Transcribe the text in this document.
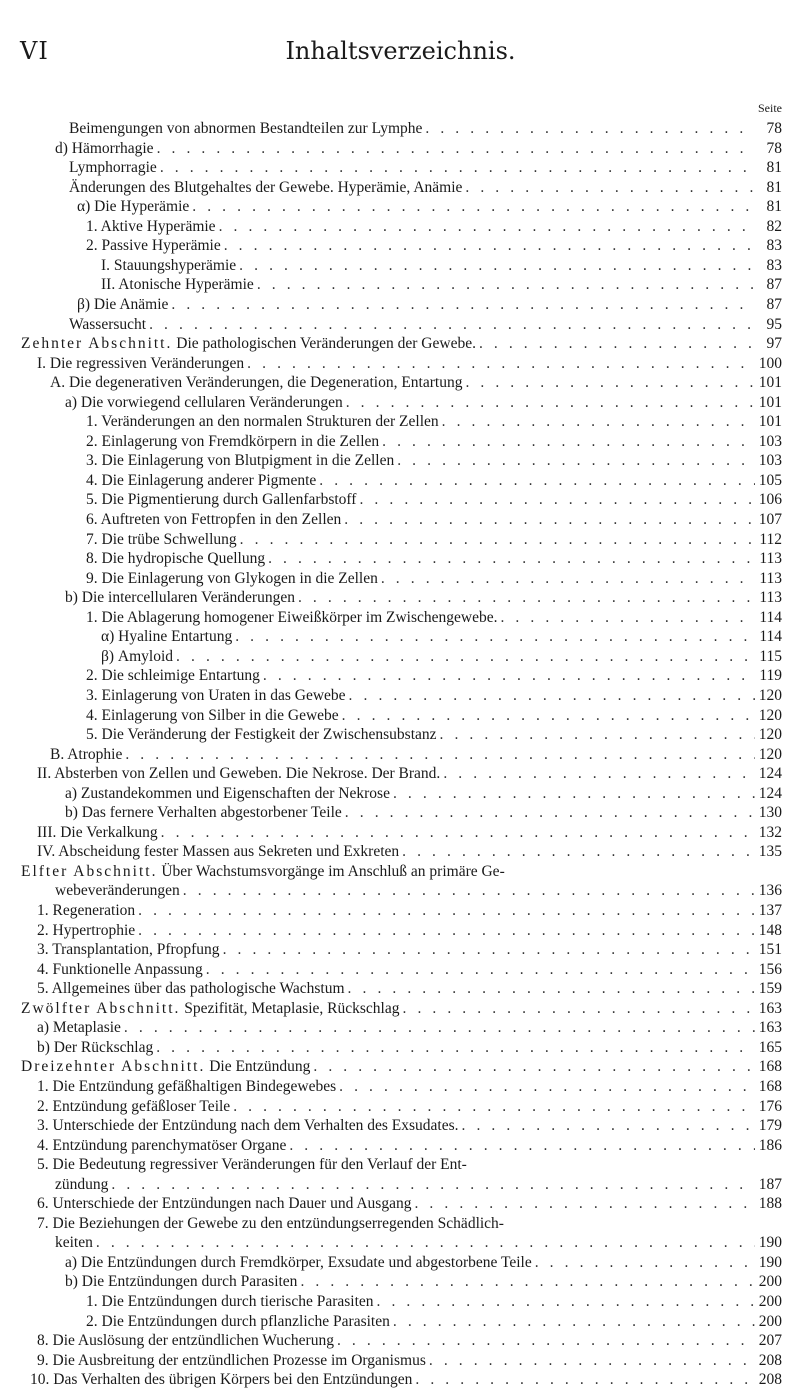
VI	Inhaltsverzeichnis.
Seite
Beimengungen von abnormen Bestandteilen zur Lymphe . . .	78
d) Hämorrhagie . . .	78
Lymphorragie . . .	81
Änderungen des Blutgehaltes der Gewebe. Hyperämie, Anämie . . .	81
α) Die Hyperämie . . .	81
1. Aktive Hyperämie . . .	82
2. Passive Hyperämie . . .	83
I. Stauungshyperämie . . .	83
II. Atonische Hyperämie . . .	87
β) Die Anämie . . .	87
Wassersucht . . .	95
Zehnter Abschnitt. Die pathologischen Veränderungen der Gewebe. . . .	97
I. Die regressiven Veränderungen . . .	100
A. Die degenerativen Veränderungen, die Degeneration, Entartung . . .	101
a) Die vorwiegend cellularen Veränderungen . . .	101
1. Veränderungen an den normalen Strukturen der Zellen . . .	101
2. Einlagerung von Fremdkörpern in die Zellen . . .	103
3. Die Einlagerung von Blutpigment in die Zellen . . .	103
4. Die Einlagerung anderer Pigmente . . .	105
5. Die Pigmentierung durch Gallenfarbstoff . . .	106
6. Auftreten von Fettropfen in den Zellen . . .	107
7. Die trübe Schwellung . . .	112
8. Die hydropische Quellung . . .	113
9. Die Einlagerung von Glykogen in die Zellen . . .	113
b) Die intercellularen Veränderungen . . .	113
1. Die Ablagerung homogener Eiweißkörper im Zwischengewebe. . . .	114
α) Hyaline Entartung . . .	114
β) Amyloid . . .	115
2. Die schleimige Entartung . . .	119
3. Einlagerung von Uraten in das Gewebe . . .	120
4. Einlagerung von Silber in die Gewebe . . .	120
5. Die Veränderung der Festigkeit der Zwischensubstanz . . .	120
B. Atrophie . . .	120
II. Absterben von Zellen und Geweben. Die Nekrose. Der Brand. . . .	124
a) Zustandekommen und Eigenschaften der Nekrose . . .	124
b) Das fernere Verhalten abgestorbener Teile . . .	130
III. Die Verkalkung . . .	132
IV. Abscheidung fester Massen aus Sekreten und Exkreten . . .	135
Elfter Abschnitt. Über Wachstumsvorgänge im Anschluß an primäre Ge-
webeveränderungen . . .	136
1. Regeneration . . .	137
2. Hypertrophie . . .	148
3. Transplantation, Pfropfung . . .	151
4. Funktionelle Anpassung . . .	156
5. Allgemeines über das pathologische Wachstum . . .	159
Zwölfter Abschnitt. Spezifität, Metaplasie, Rückschlag . . .	163
a) Metaplasie . . .	163
b) Der Rückschlag . . .	165
Dreizehnter Abschnitt. Die Entzündung . . .	168
1. Die Entzündung gefäßhaltigen Bindegewebes . . .	168
2. Entzündung gefäßloser Teile . . .	176
3. Unterschiede der Entzündung nach dem Verhalten des Exsudates. . . .	179
4. Entzündung parenchymatöser Organe . . .	186
5. Die Bedeutung regressiver Veränderungen für den Verlauf der Ent-
zündung . . .	187
6. Unterschiede der Entzündungen nach Dauer und Ausgang . . .	188
7. Die Beziehungen der Gewebe zu den entzündungserregenden Schädlich-
keiten . . .	190
a) Die Entzündungen durch Fremdkörper, Exsudate und abgestorbene Teile . . .	190
b) Die Entzündungen durch Parasiten . . .	200
1. Die Entzündungen durch tierische Parasiten . . .	200
2. Die Entzündungen durch pflanzliche Parasiten . . .	200
8. Die Auslösung der entzündlichen Wucherung . . .	207
9. Die Ausbreitung der entzündlichen Prozesse im Organismus . . .	208
10. Das Verhalten des übrigen Körpers bei den Entzündungen . . .	208
